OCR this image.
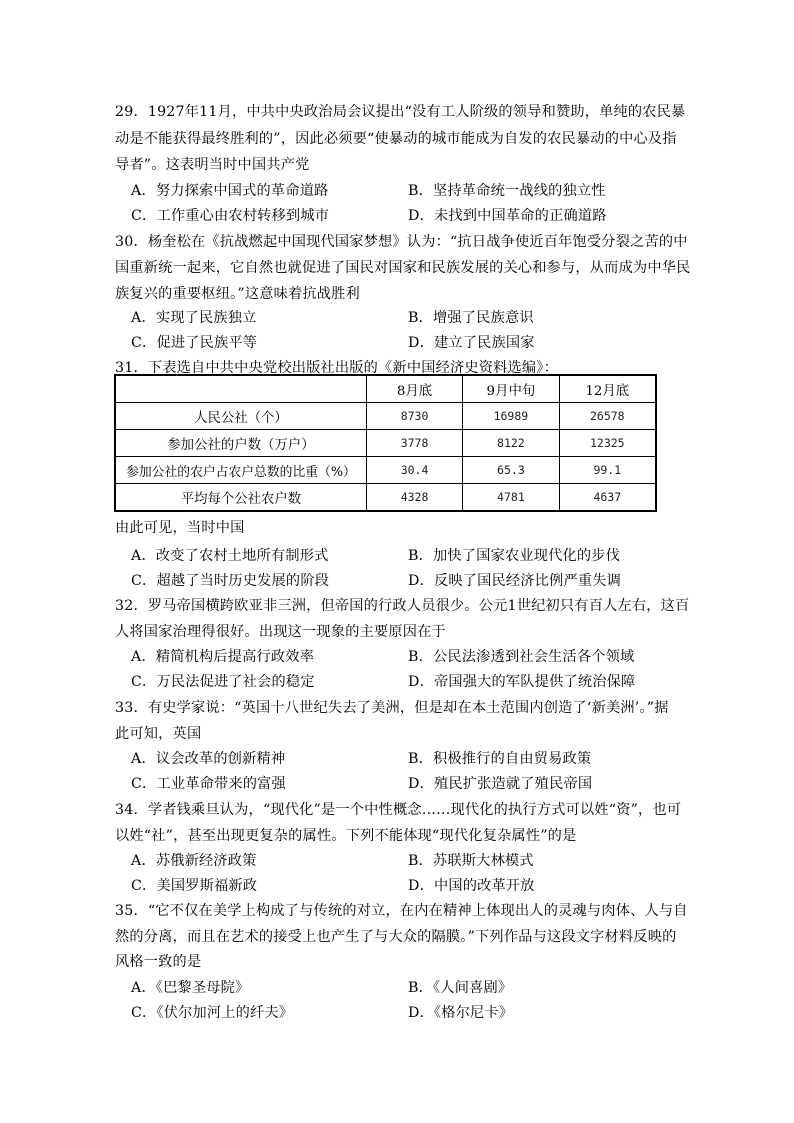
29．1927年11月，中共中央政治局会议提出“没有工人阶级的领导和赞助，单纯的农民暴
动是不能获得最终胜利的”，因此必须要“使暴动的城市能成为自发的农民暴动的中心及指
导者”。这表明当时中国共产党
A．努力探索中国式的革命道路	B．坚持革命统一战线的独立性
C．工作重心由农村转移到城市	D．未找到中国革命的正确道路
30．杨奎松在《抗战燃起中国现代国家梦想》认为：“抗日战争使近百年饱受分裂之苦的中
国重新统一起来，它自然也就促进了国民对国家和民族发展的关心和参与，从而成为中华民
族复兴的重要枢纽。”这意味着抗战胜利
A．实现了民族独立	B．增强了民族意识
C．促进了民族平等	D．建立了民族国家
31．下表选自中共中央党校出版社出版的《新中国经济史资料选编》：
	8月底	9月中旬	12月底
人民公社（个）	8730	16989	26578
参加公社的户数（万户）	3778	8122	12325
参加公社的农户占农户总数的比重（%）	30.4	65.3	99.1
平均每个公社农户数	4328	4781	4637
由此可见，当时中国
A．改变了农村土地所有制形式	B．加快了国家农业现代化的步伐
C．超越了当时历史发展的阶段	D．反映了国民经济比例严重失调
32．罗马帝国横跨欧亚非三洲，但帝国的行政人员很少。公元1世纪初只有百人左右，这百
人将国家治理得很好。出现这一现象的主要原因在于
A．精简机构后提高行政效率	B．公民法渗透到社会生活各个领域
C．万民法促进了社会的稳定	D．帝国强大的军队提供了统治保障
33．有史学家说：“英国十八世纪失去了美洲，但是却在本土范围内创造了‘新美洲’。”据
此可知，英国
A．议会改革的创新精神	B．积极推行的自由贸易政策
C．工业革命带来的富强	D．殖民扩张造就了殖民帝国
34．学者钱乘旦认为，“现代化”是一个中性概念……现代化的执行方式可以姓“资”，也可
以姓“社”，甚至出现更复杂的属性。下列不能体现“现代化复杂属性”的是
A．苏俄新经济政策	B．苏联斯大林模式
C．美国罗斯福新政	D．中国的改革开放
35．“它不仅在美学上构成了与传统的对立，在内在精神上体现出人的灵魂与肉体、人与自
然的分离，而且在艺术的接受上也产生了与大众的隔膜。”下列作品与这段文字材料反映的
风格一致的是
A．《巴黎圣母院》	B．《人间喜剧》
C．《伏尔加河上的纤夫》	D．《格尔尼卡》
